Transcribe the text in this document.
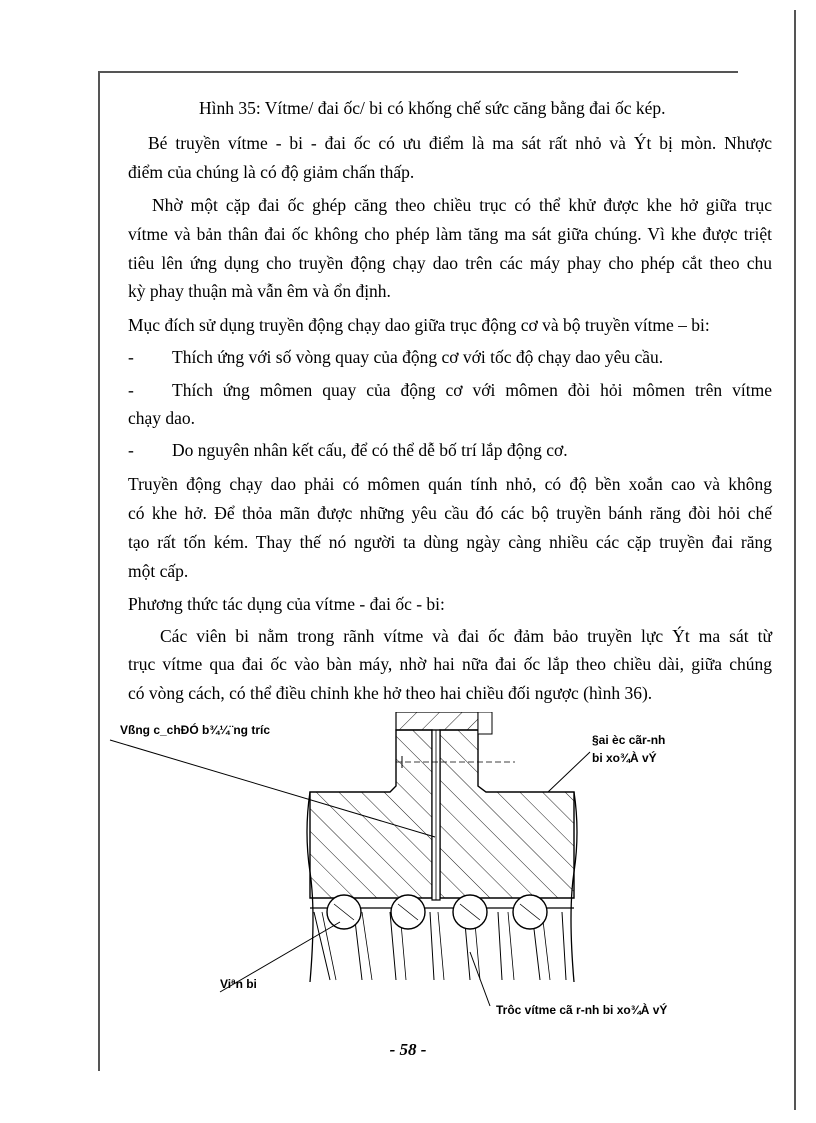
Hình 35: Vítme/ đai ốc/ bi có khống chế sức căng bằng đai ốc kép.
Bé truyền vítme - bi - đai ốc có ưu điểm là ma sát rất nhỏ và Ýt bị mòn. Nhược
điểm của chúng là có độ giảm chấn thấp.
Nhờ một cặp đai ốc ghép căng theo chiều trục có thể khử được khe hở giữa trục
vítme và bản thân đai ốc không cho phép làm tăng ma sát giữa chúng. Vì khe được triệt
tiêu lên ứng dụng cho truyền động chạy dao trên các máy phay cho phép cắt theo chu
kỳ phay thuận mà vẫn êm và ổn định.
Mục đích sử dụng truyền động chạy dao giữa trục động cơ và bộ truyền vítme – bi:
- Thích ứng với số vòng quay của động cơ với tốc độ chạy dao yêu cầu.
- Thích ứng mômen quay của động cơ với mômen đòi hỏi mômen trên vítme
chạy dao.
- Do nguyên nhân kết cấu, để có thể dễ bố trí lắp động cơ.
Truyền động chạy dao phải có mômen quán tính nhỏ, có độ bền xoắn cao và không
có khe hở. Để thỏa mãn được những yêu cầu đó các bộ truyền bánh răng đòi hỏi chế
tạo rất tốn kém. Thay thế nó người ta dùng ngày càng nhiều các cặp truyền đai răng
một cấp.
Phương thức tác dụng của vítme - đai ốc - bi:
Các viên bi nằm trong rãnh vítme và đai ốc đảm bảo truyền lực Ýt ma sát từ
trục vítme qua đai ốc vào bàn máy, nhờ hai nữa đai ốc lắp theo chiều dài, giữa chúng
có vòng cách, có thể điều chỉnh khe hở theo hai chiều đối ngược (hình 36).
Vßng c_chÐÓ b¾¼¨ng tríc
§ai èc cãr-nh
bi xo¾À vÝ
Viªn bi
Trôc vítme cã r-nh bi xo¾À vÝ
- 58 -
